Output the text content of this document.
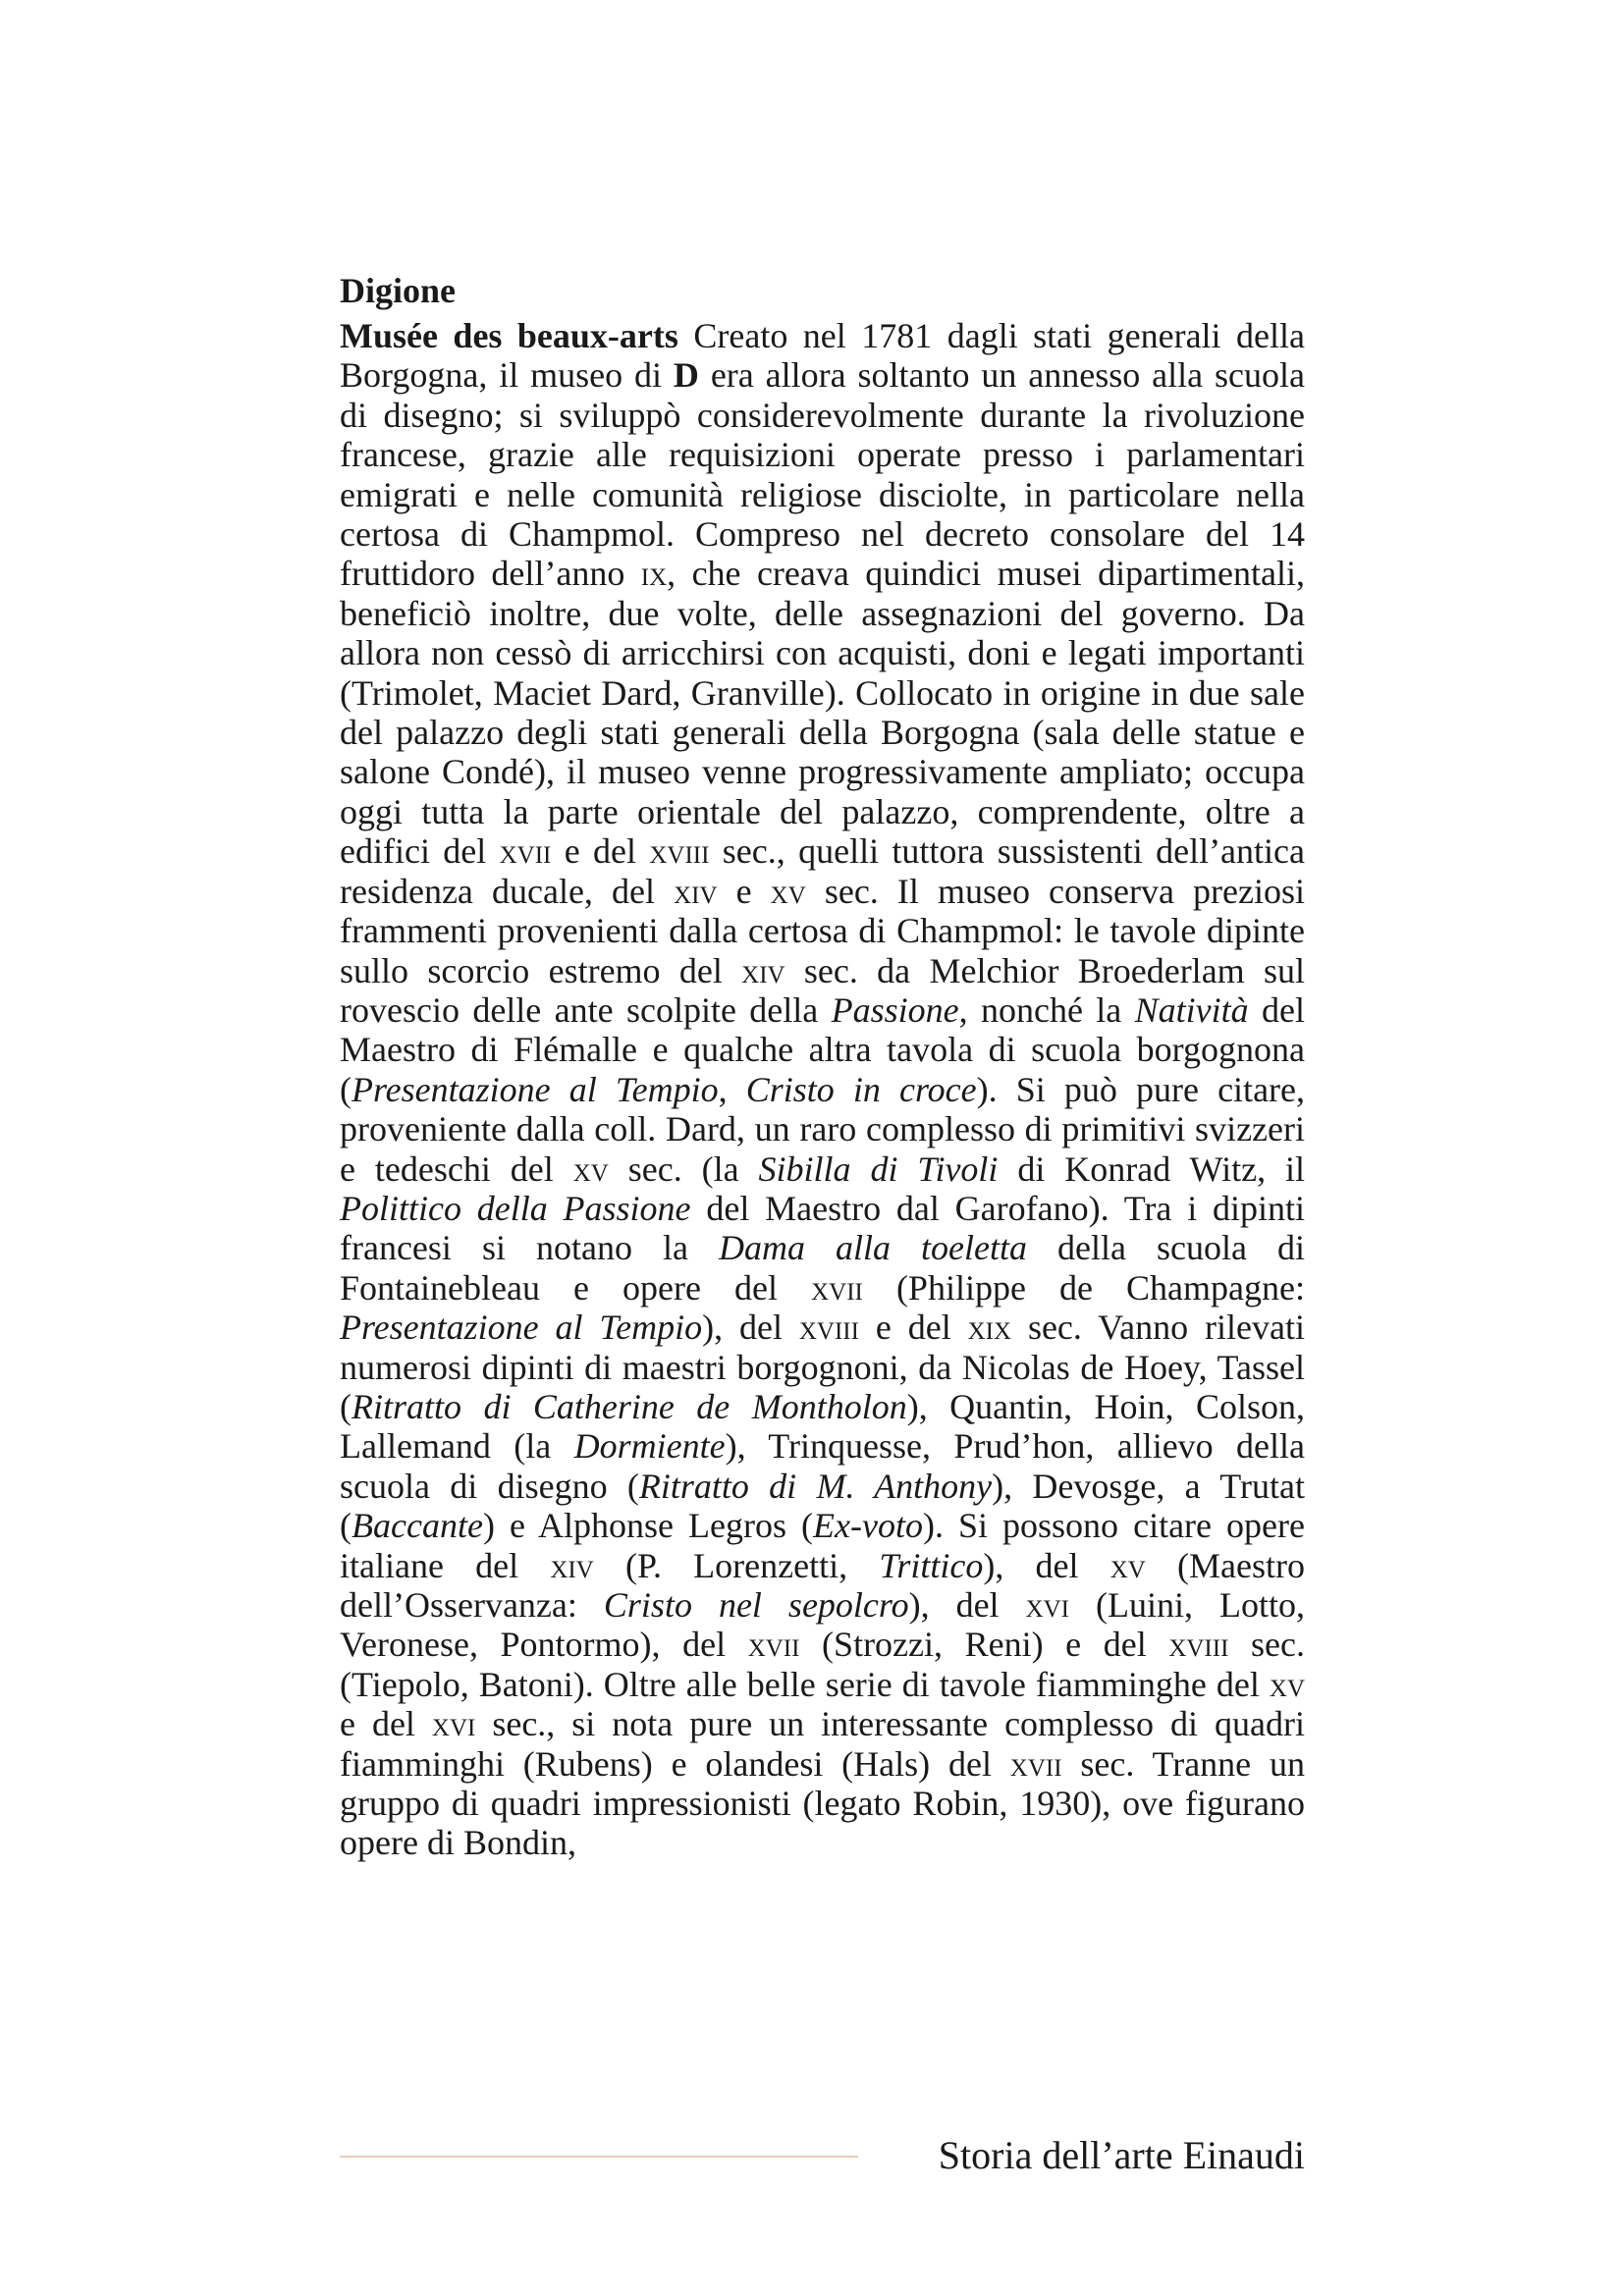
Digione

Musée des beaux-arts Creato nel 1781 dagli stati generali della Borgogna, il museo di D era allora soltanto un annesso alla scuola di disegno; si sviluppò considerevolmente durante la rivoluzione francese, grazie alle requisizioni operate presso i parlamentari emigrati e nelle comunità religiose disciolte, in particolare nella certosa di Champmol. Compreso nel decreto consolare del 14 fruttidoro dell’anno ix, che creava quindici musei dipartimentali, beneficiò inoltre, due volte, delle assegnazioni del governo. Da allora non cessò di arricchirsi con acquisti, doni e legati importanti (Trimolet, Maciet Dard, Granville). Collocato in origine in due sale del palazzo degli stati generali della Borgogna (sala delle statue e salone Condé), il museo venne progressivamente ampliato; occupa oggi tutta la parte orientale del palazzo, comprendente, oltre a edifici del xvii e del xviii sec., quelli tuttora sussistenti dell’antica residenza ducale, del xiv e xv sec. Il museo conserva preziosi frammenti provenienti dalla certosa di Champmol: le tavole dipinte sullo scorcio estremo del xiv sec. da Melchior Broederlam sul rovescio delle ante scolpite della Passione, nonché la Natività del Maestro di Flémalle e qualche altra tavola di scuola borgognona (Presentazione al Tempio, Cristo in croce). Si può pure citare, proveniente dalla coll. Dard, un raro complesso di primitivi svizzeri e tedeschi del xv sec. (la Sibilla di Tivoli di Konrad Witz, il Polittico della Passione del Maestro dal Garofano). Tra i dipinti francesi si notano la Dama alla toeletta della scuola di Fontainebleau e opere del xvii (Philippe de Champagne: Presentazione al Tempio), del xviii e del xix sec. Vanno rilevati numerosi dipinti di maestri borgognoni, da Nicolas de Hoey, Tassel (Ritratto di Catherine de Montholon), Quantin, Hoin, Colson, Lallemand (la Dormiente), Trinquesse, Prud’hon, allievo della scuola di disegno (Ritratto di M. Anthony), Devosge, a Trutat (Baccante) e Alphonse Legros (Ex-voto). Si possono citare opere italiane del xiv (P. Lorenzetti, Trittico), del xv (Maestro dell’Osservanza: Cristo nel sepolcro), del xvi (Luini, Lotto, Veronese, Pontormo), del xvii (Strozzi, Reni) e del xviii sec. (Tiepolo, Batoni). Oltre alle belle serie di tavole fiamminghe del xv e del xvi sec., si nota pure un interessante complesso di quadri fiamminghi (Rubens) e olandesi (Hals) del xvii sec. Tranne un gruppo di quadri impressionisti (legato Robin, 1930), ove figurano opere di Bondin,

Storia dell’arte Einaudi
